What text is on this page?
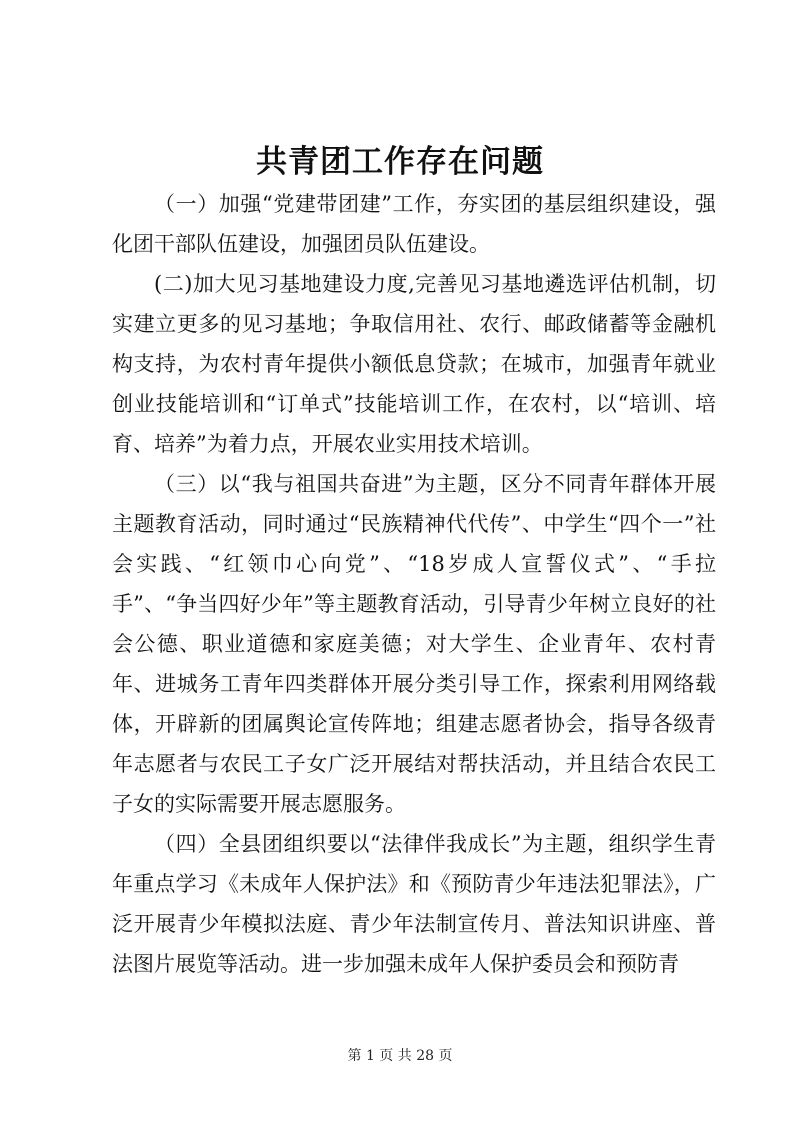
共青团工作存在问题

（一）加强“党建带团建”工作，夯实团的基层组织建设，强化团干部队伍建设，加强团员队伍建设。

(二)加大见习基地建设力度,完善见习基地遴选评估机制，切实建立更多的见习基地；争取信用社、农行、邮政储蓄等金融机构支持，为农村青年提供小额低息贷款；在城市，加强青年就业创业技能培训和“订单式”技能培训工作，在农村，以“培训、培育、培养”为着力点，开展农业实用技术培训。

（三）以“我与祖国共奋进”为主题，区分不同青年群体开展主题教育活动，同时通过“民族精神代代传”、中学生“四个一”社会实践、“红领巾心向党”、“18岁成人宣誓仪式”、“手拉手”、“争当四好少年”等主题教育活动，引导青少年树立良好的社会公德、职业道德和家庭美德；对大学生、企业青年、农村青年、进城务工青年四类群体开展分类引导工作，探索利用网络载体，开辟新的团属舆论宣传阵地；组建志愿者协会，指导各级青年志愿者与农民工子女广泛开展结对帮扶活动，并且结合农民工子女的实际需要开展志愿服务。

（四）全县团组织要以“法律伴我成长”为主题，组织学生青年重点学习《未成年人保护法》和《预防青少年违法犯罪法》，广泛开展青少年模拟法庭、青少年法制宣传月、普法知识讲座、普法图片展览等活动。进一步加强未成年人保护委员会和预防青

第 1 页 共 28 页
